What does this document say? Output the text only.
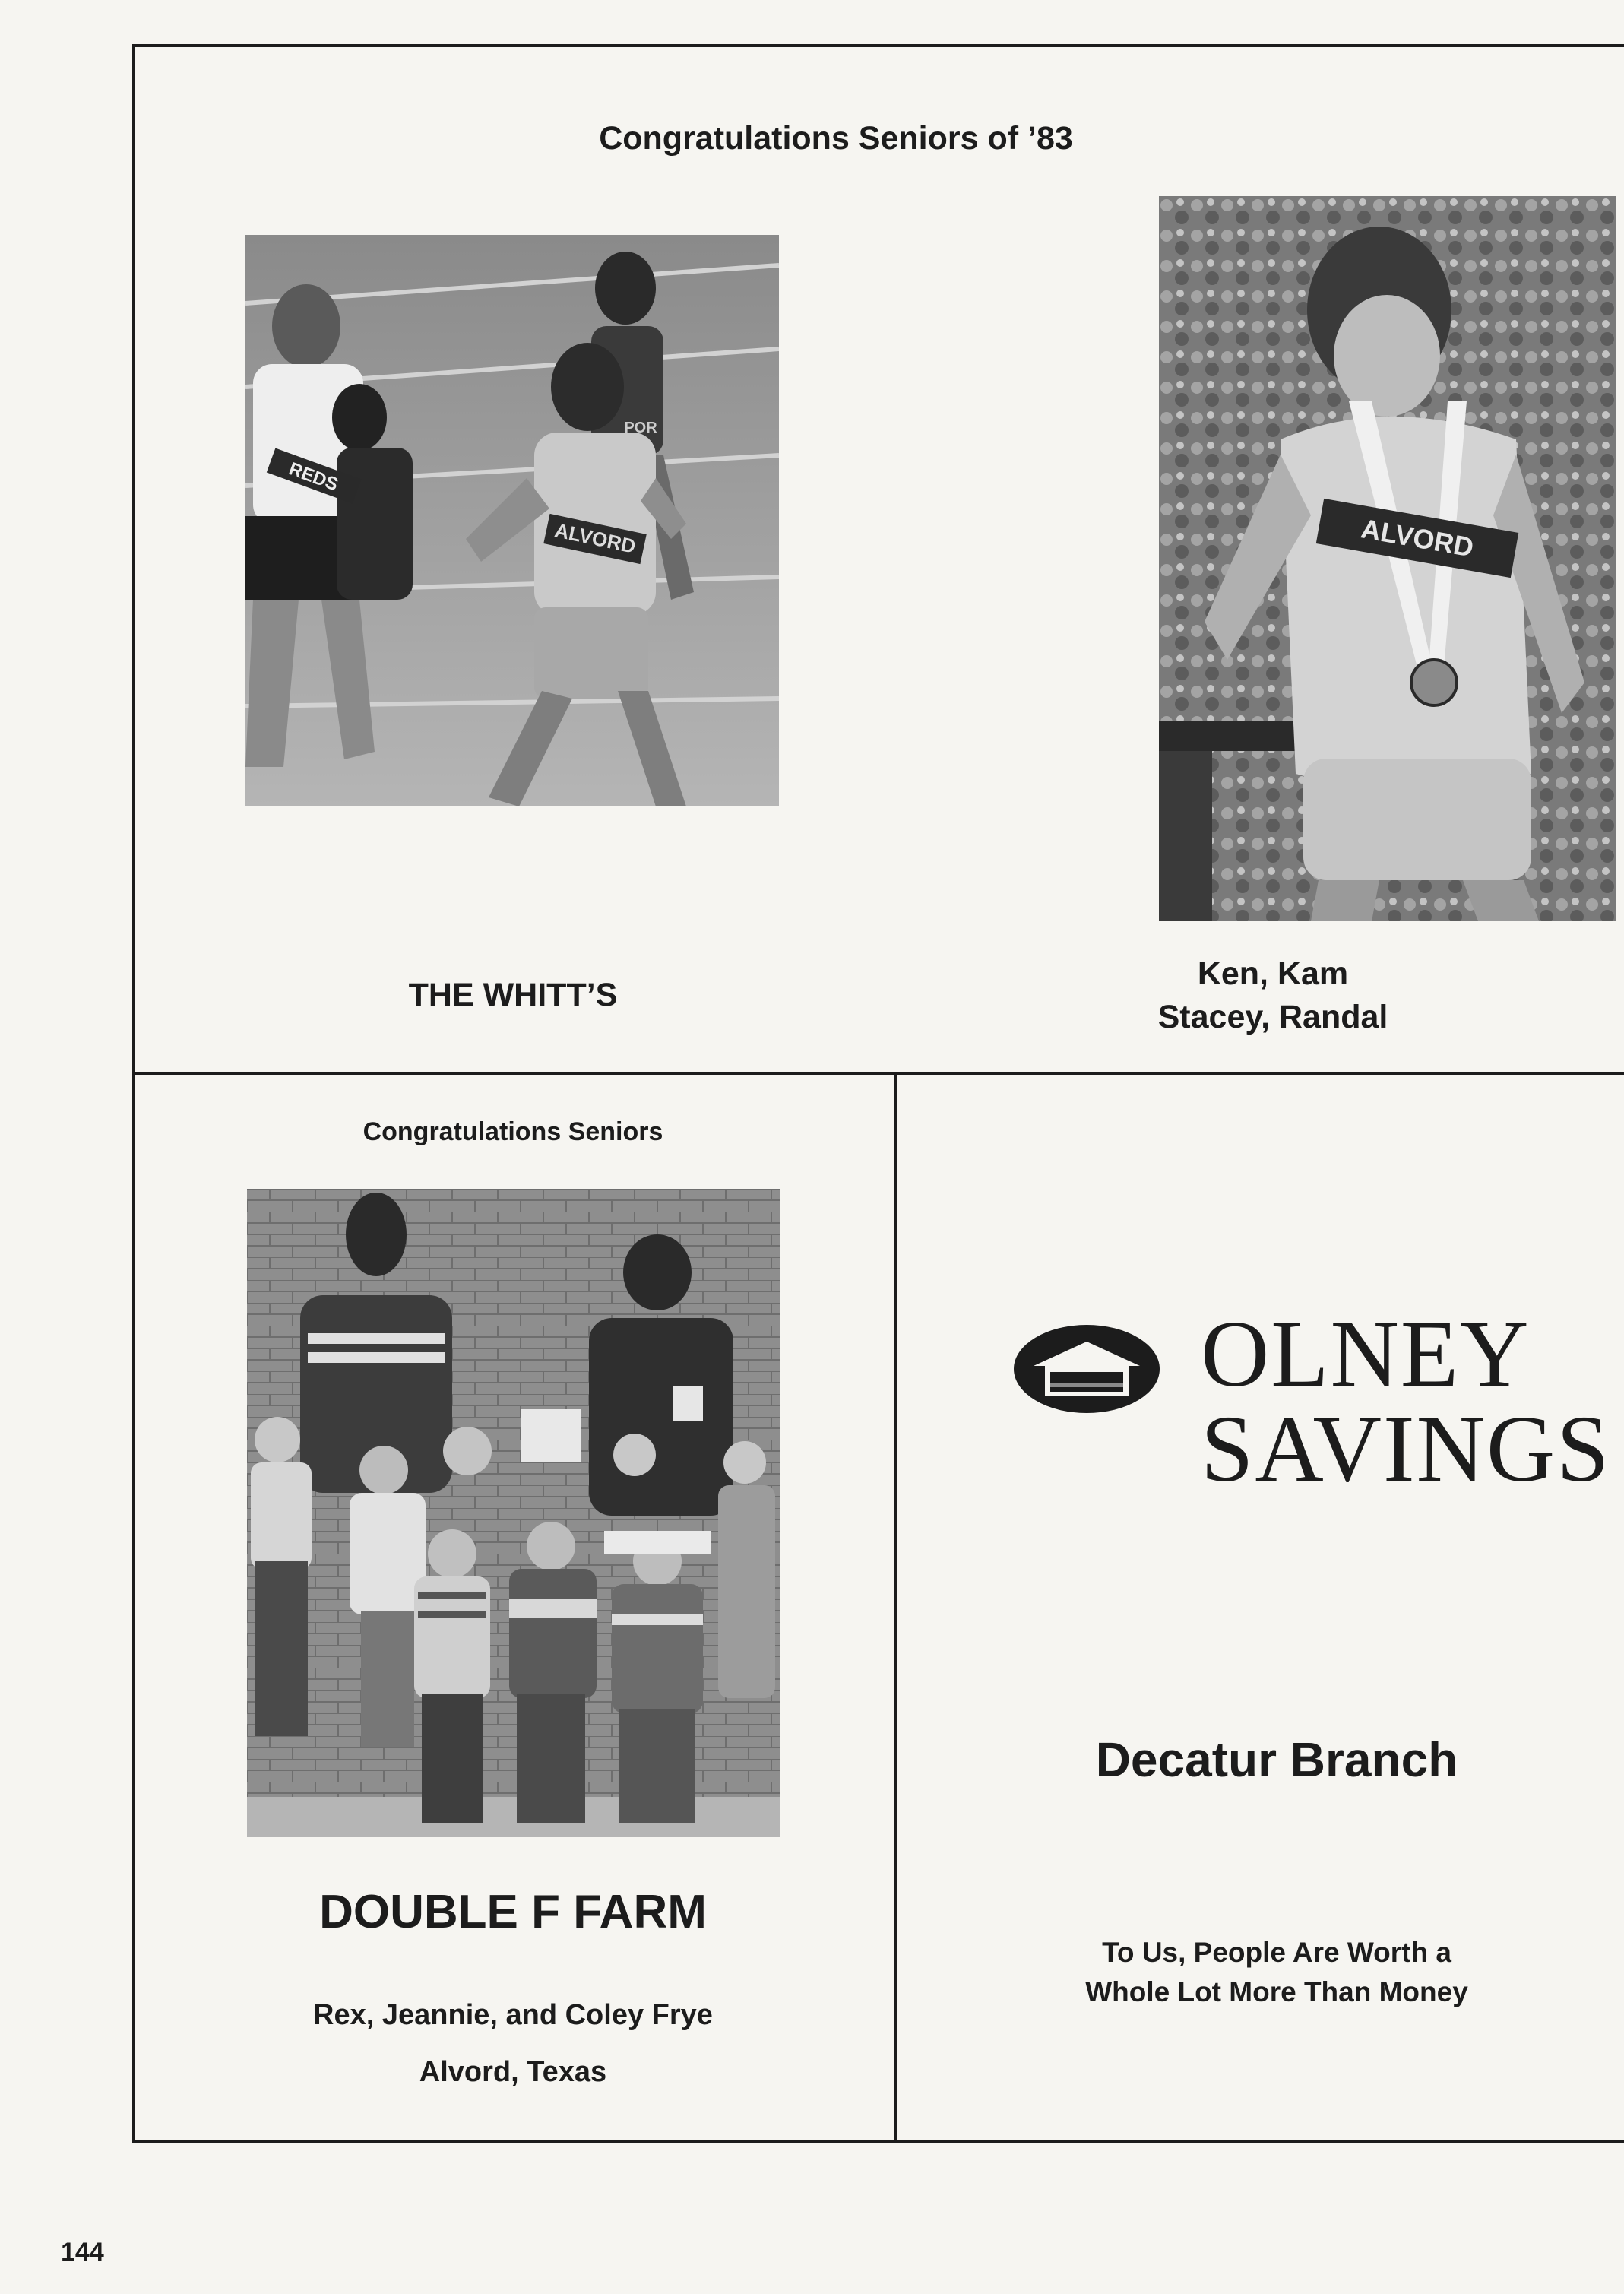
Congratulations Seniors of ’83
ALVORD
REDS
POR
ALVORD
THE WHITT’S
Ken, Kam
Stacey, Randal
Congratulations Seniors
DOUBLE F FARM
Rex, Jeannie, and Coley Frye
Alvord, Texas
OLNEY
SAVINGS
Decatur Branch
To Us, People Are Worth a
Whole Lot More Than Money
144
